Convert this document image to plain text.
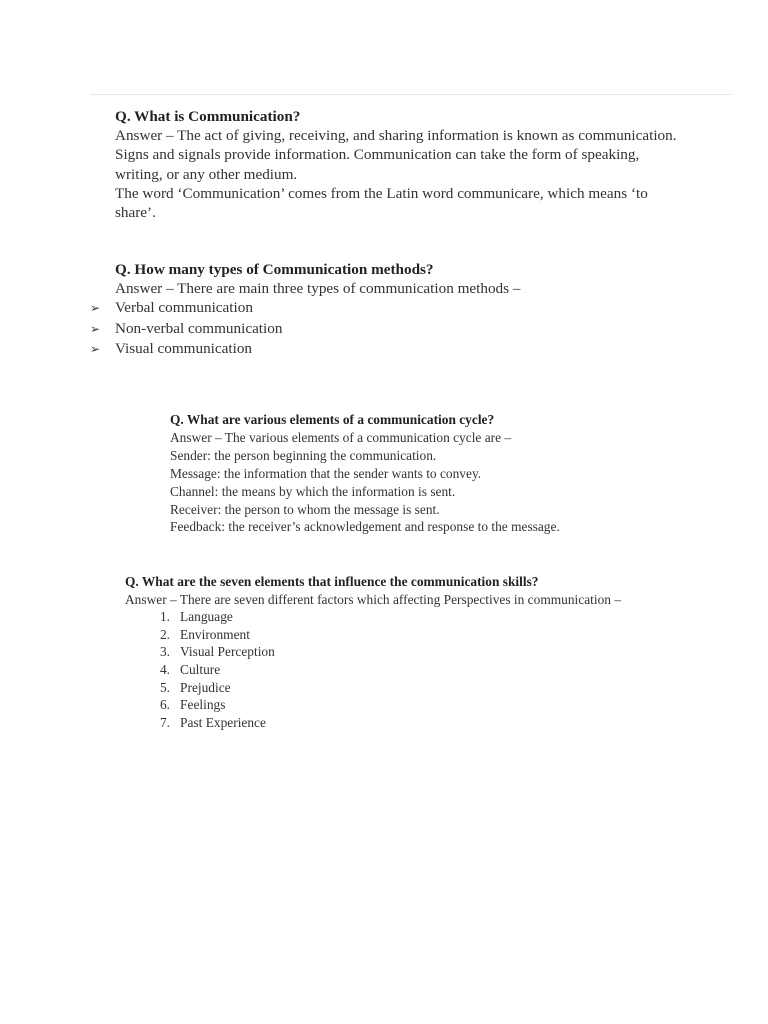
Q. What is Communication?

Answer – The act of giving, receiving, and sharing information is known as communication.

Signs and signals provide information. Communication can take the form of speaking,

writing, or any other medium.

The word ‘Communication’ comes from the Latin word communicare, which means ‘to

share’.

Q. How many types of Communication methods?

Answer – There are main three types of communication methods –

➢ Verbal communication
➢ Non-verbal communication
➢ Visual communication

Q. What are various elements of a communication cycle?

Answer – The various elements of a communication cycle are –

Sender: the person beginning the communication.

Message: the information that the sender wants to convey.

Channel: the means by which the information is sent.

Receiver: the person to whom the message is sent.

Feedback: the receiver’s acknowledgement and response to the message.

Q. What are the seven elements that influence the communication skills?

Answer – There are seven different factors which affecting Perspectives in communication –

1.
Language
2.
Environment
3.
Visual Perception
4.
Culture
5.
Prejudice
6.
Feelings
7.
Past Experience
